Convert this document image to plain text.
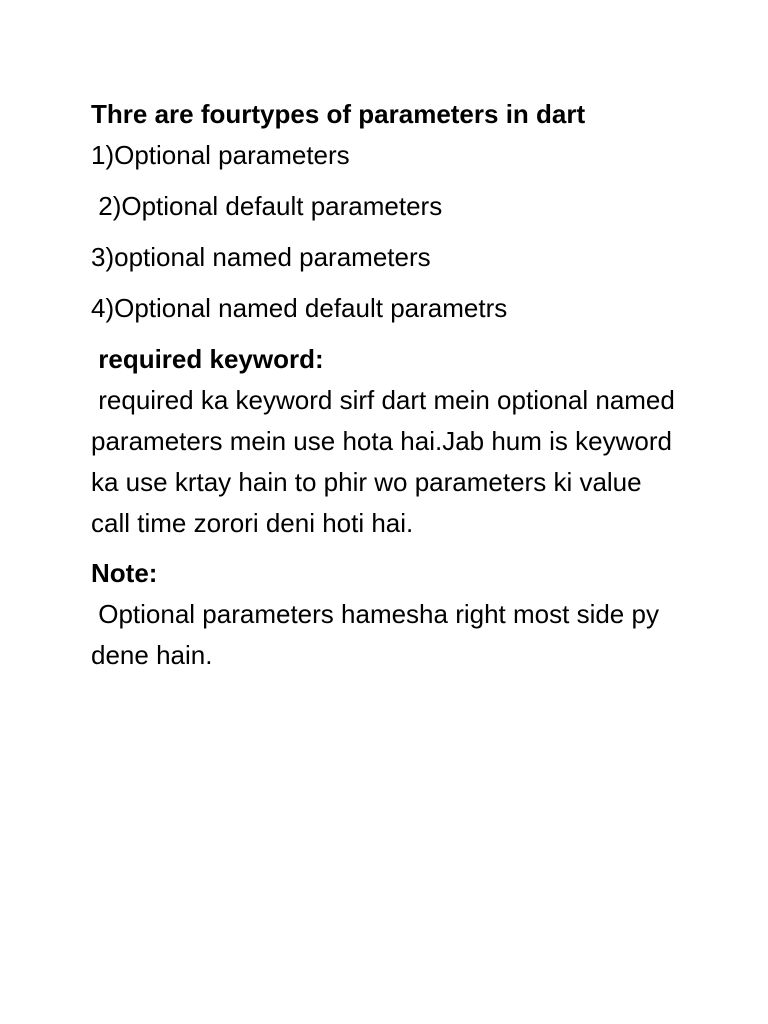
Thre are fourtypes of parameters in dart

1)Optional parameters

2)Optional default parameters

3)optional named parameters

4)Optional named default parametrs

required keyword:

required ka keyword sirf dart mein optional named parameters mein use hota hai.Jab hum is keyword ka use krtay hain to phir wo parameters ki value call time zorori deni hoti hai.

Note:

Optional parameters hamesha right most side py dene hain.
